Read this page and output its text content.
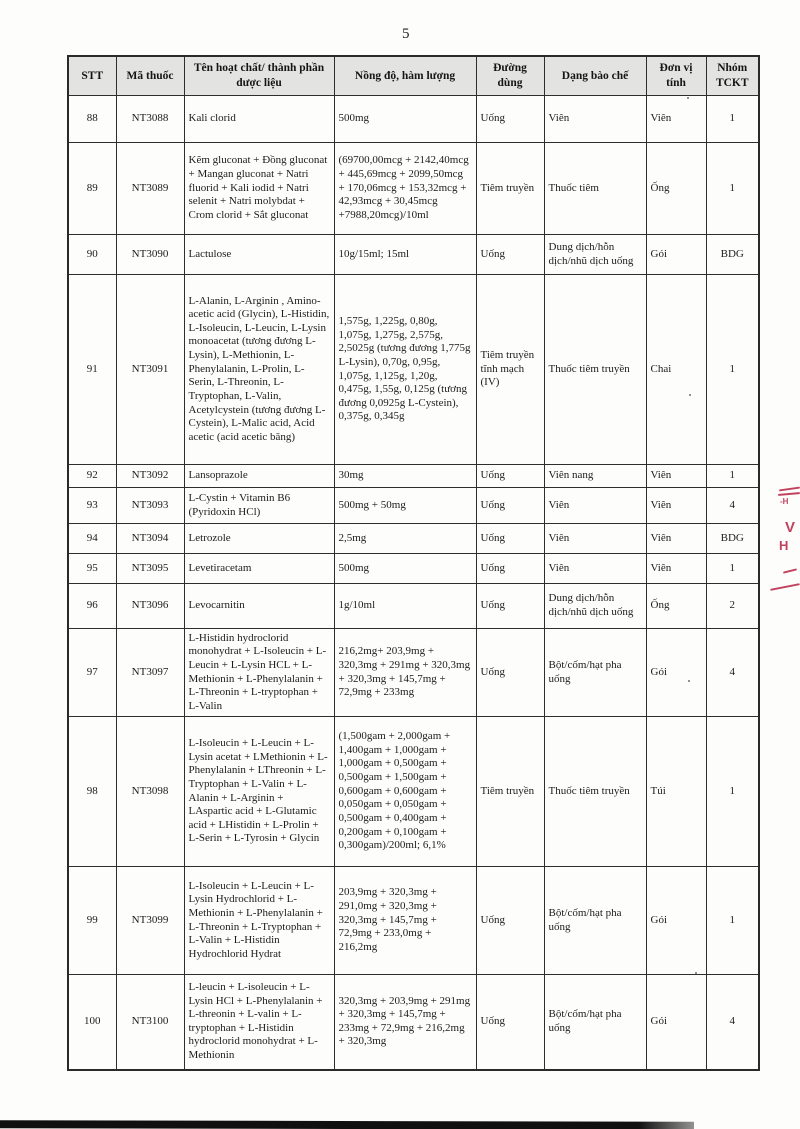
5
STT	Mã thuốc	Tên hoạt chất/ thành phần dược liệu	Nồng độ, hàm lượng	Đường dùng	Dạng bào chế	Đơn vị tính	Nhóm TCKT
88	NT3088	Kali clorid	500mg	Uống	Viên	Viên	1
89	NT3089	Kẽm gluconat + Đồng gluconat + Mangan gluconat + Natri fluorid + Kali iodid + Natri selenit + Natri molybdat + Crom clorid + Sắt gluconat	(69700,00mcg + 2142,40mcg + 445,69mcg + 2099,50mcg + 170,06mcg + 153,32mcg + 42,93mcg + 30,45mcg +7988,20mcg)/10ml	Tiêm truyền	Thuốc tiêm	Ống	1
90	NT3090	Lactulose	10g/15ml; 15ml	Uống	Dung dịch/hỗn dịch/nhũ dịch uống	Gói	BDG
91	NT3091	L-Alanin, L-Arginin , Amino-acetic acid (Glycin), L-Histidin, L-Isoleucin, L-Leucin, L-Lysin monoacetat (tương đương L-Lysin), L-Methionin, L-Phenylalanin, L-Prolin, L-Serin, L-Threonin, L-Tryptophan, L-Valin, Acetylcystein (tương đương L-Cystein), L-Malic acid, Acid acetic (acid acetic băng)	1,575g, 1,225g, 0,80g, 1,075g, 1,275g, 2,575g, 2,5025g (tương đương 1,775g L-Lysin), 0,70g, 0,95g, 1,075g, 1,125g, 1,20g, 0,475g, 1,55g, 0,125g (tương đương 0,0925g L-Cystein), 0,375g, 0,345g	Tiêm truyền tĩnh mạch (IV)	Thuốc tiêm truyền	Chai	1
92	NT3092	Lansoprazole	30mg	Uống	Viên nang	Viên	1
93	NT3093	L-Cystin + Vitamin B6 (Pyridoxin HCl)	500mg + 50mg	Uống	Viên	Viên	4
94	NT3094	Letrozole	2,5mg	Uống	Viên	Viên	BDG
95	NT3095	Levetiracetam	500mg	Uống	Viên	Viên	1
96	NT3096	Levocarnitin	1g/10ml	Uống	Dung dịch/hỗn dịch/nhũ dịch uống	Ống	2
97	NT3097	L-Histidin hydroclorid monohydrat + L-Isoleucin + L-Leucin + L-Lysin HCL + L-Methionin + L-Phenylalanin + L-Threonin + L-tryptophan + L-Valin	216,2mg+ 203,9mg + 320,3mg + 291mg + 320,3mg + 320,3mg + 145,7mg + 72,9mg + 233mg	Uống	Bột/cốm/hạt pha uống	Gói	4
98	NT3098	L-Isoleucin + L-Leucin + L-Lysin acetat + LMethionin + L-Phenylalanin + LThreonin + L-Tryptophan + L-Valin + L-Alanin + L-Arginin + LAspartic acid + L-Glutamic acid + LHistidin + L-Prolin + L-Serin + L-Tyrosin + Glycin	(1,500gam + 2,000gam + 1,400gam + 1,000gam + 1,000gam + 0,500gam + 0,500gam + 1,500gam + 0,600gam + 0,600gam + 0,050gam + 0,050gam + 0,500gam + 0,400gam + 0,200gam + 0,100gam + 0,300gam)/200ml; 6,1%	Tiêm truyền	Thuốc tiêm truyền	Túi	1
99	NT3099	L-Isoleucin + L-Leucin + L-Lysin Hydrochlorid + L-Methionin + L-Phenylalanin + L-Threonin + L-Tryptophan + L-Valin + L-Histidin Hydrochlorid Hydrat	203,9mg + 320,3mg + 291,0mg + 320,3mg + 320,3mg + 145,7mg + 72,9mg + 233,0mg + 216,2mg	Uống	Bột/cốm/hạt pha uống	Gói	1
100	NT3100	L-leucin + L-isoleucin + L-Lysin HCl + L-Phenylalanin + L-threonin + L-valin + L-tryptophan + L-Histidin hydroclorid monohydrat + L-Methionin	320,3mg + 203,9mg + 291mg + 320,3mg + 145,7mg + 233mg + 72,9mg + 216,2mg + 320,3mg	Uống	Bột/cốm/hạt pha uống	Gói	4
-H
V
H
